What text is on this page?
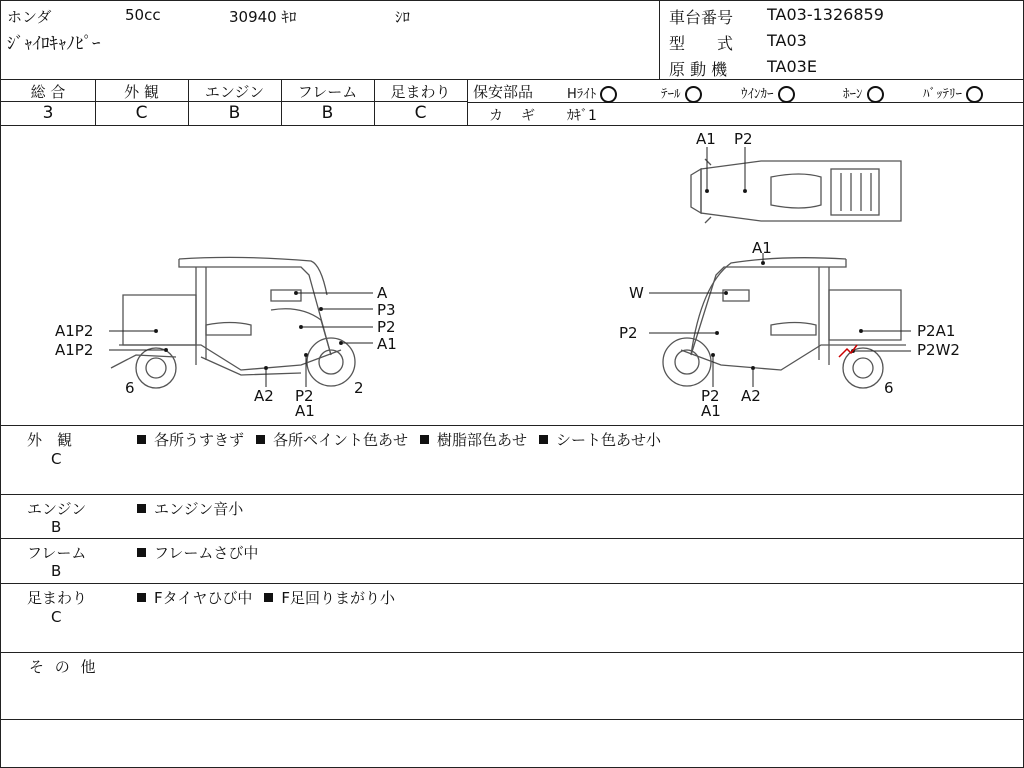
ホンダ	50cc	30940 ｷﾛ	ｼﾛ
ｼﾞｬｲﾛｷｬﾉﾋﾟｰ
車台番号 TA03-1326859
型　　式 TA03
原 動 機 TA03E
総 合	外 観	エンジン	フレーム	足まわり
3	C	B	B	C
保安部品	Hﾗｲﾄ	ﾃｰﾙ	ｳｲﾝｶｰ	ﾎｰﾝ	ﾊﾞｯﾃﾘｰ
カ　ギ ｶｷﾞ1
A
P3
P2
A1
A1P2
A1P2
6	A2 P2
A1
2
A1
W
P2	P2A1
P2W2
P2
A1
A2	6
A1 P2
外　観
C
各所うすきず 各所ペイント色あせ 樹脂部色あせ シート色あせ小
エンジン
B
エンジン音小
フレーム
B
フレームさび中
足まわり
C
Fタイヤひび中 F足回りまがり小
そ の 他
